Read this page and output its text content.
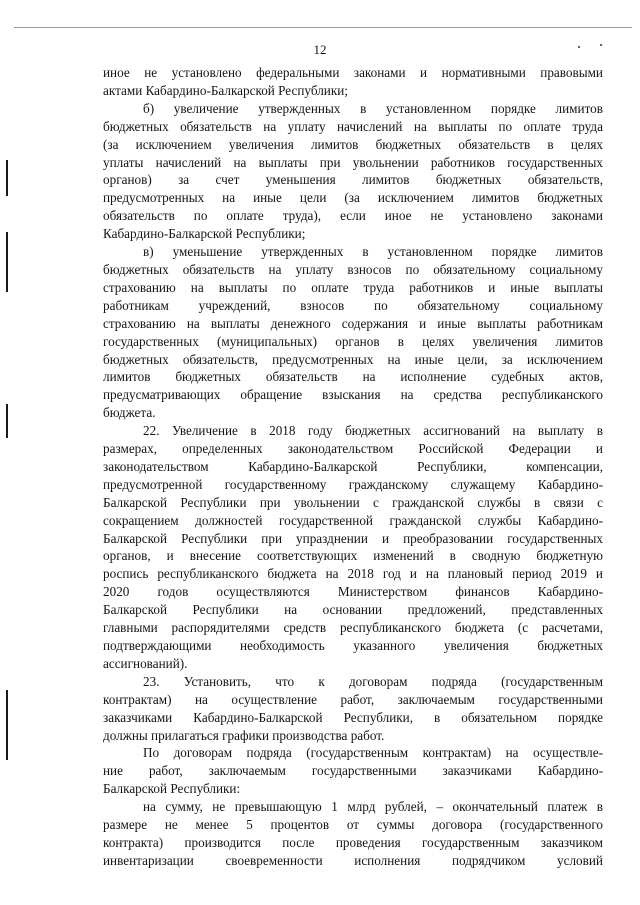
12

иное не установлено федеральными законами и нормативными правовыми
актами Кабардино-Балкарской Республики;

б) увеличение утвержденных в установленном порядке лимитов
бюджетных обязательств на уплату начислений на выплаты по оплате труда
(за исключением увеличения лимитов бюджетных обязательств в целях
уплаты начислений на выплаты при увольнении работников государственных
органов) за счет уменьшения лимитов бюджетных обязательств,
предусмотренных на иные цели (за исключением лимитов бюджетных
обязательств по оплате труда), если иное не установлено законами
Кабардино-Балкарской Республики;

в) уменьшение утвержденных в установленном порядке лимитов
бюджетных обязательств на уплату взносов по обязательному социальному
страхованию на выплаты по оплате труда работников и иные выплаты
работникам учреждений, взносов по обязательному социальному
страхованию на выплаты денежного содержания и иные выплаты работникам
государственных (муниципальных) органов в целях увеличения лимитов
бюджетных обязательств, предусмотренных на иные цели, за исключением
лимитов бюджетных обязательств на исполнение судебных актов,
предусматривающих обращение взыскания на средства республиканского
бюджета.

22. Увеличение в 2018 году бюджетных ассигнований на выплату в
размерах, определенных законодательством Российской Федерации и
законодательством Кабардино-Балкарской Республики, компенсации,
предусмотренной государственному гражданскому служащему Кабардино-
Балкарской Республики при увольнении с гражданской службы в связи с
сокращением должностей государственной гражданской службы Кабардино-
Балкарской Республики при упразднении и преобразовании государственных
органов, и внесение соответствующих изменений в сводную бюджетную
роспись республиканского бюджета на 2018 год и на плановый период 2019 и
2020 годов осуществляются Министерством финансов Кабардино-
Балкарской Республики на основании предложений, представленных
главными распорядителями средств республиканского бюджета (с расчетами,
подтверждающими необходимость указанного увеличения бюджетных
ассигнований).

23. Установить, что к договорам подряда (государственным
контрактам) на осуществление работ, заключаемым государственными
заказчиками Кабардино-Балкарской Республики, в обязательном порядке
должны прилагаться графики производства работ.

По договорам подряда (государственным контрактам) на осуществле-
ние работ, заключаемым государственными заказчиками Кабардино-
Балкарской Республики:

на сумму, не превышающую 1 млрд рублей, – окончательный платеж в
размере не менее 5 процентов от суммы договора (государственного
контракта) производится после проведения государственным заказчиком
инвентаризации своевременности исполнения подрядчиком условий
